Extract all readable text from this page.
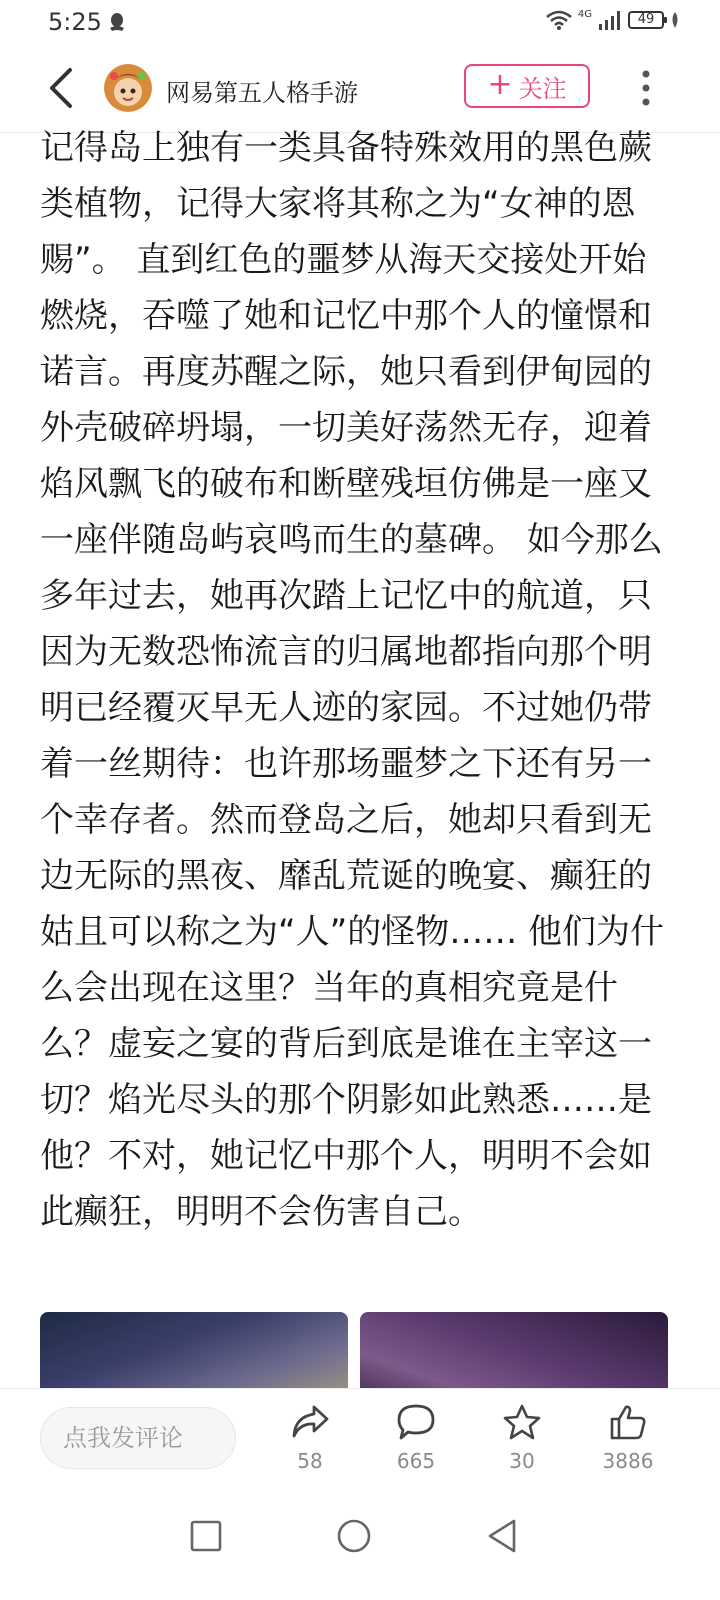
5:25	4G	49
网易第五人格手游	+ 关注
记得岛上独有一类具备特殊效用的黑色蕨类植物，记得大家将其称之为“女神的恩赐”。 直到红色的噩梦从海天交接处开始燃烧，吞噬了她和记忆中那个人的憧憬和诺言。再度苏醒之际，她只看到伊甸园的外壳破碎坍塌，一切美好荡然无存，迎着焰风飘飞的破布和断壁残垣仿佛是一座又一座伴随岛屿哀鸣而生的墓碑。 如今那么多年过去，她再次踏上记忆中的航道，只因为无数恐怖流言的归属地都指向那个明明已经覆灭早无人迹的家园。不过她仍带着一丝期待：也许那场噩梦之下还有另一个幸存者。然而登岛之后，她却只看到无边无际的黑夜、靡乱荒诞的晚宴、癫狂的姑且可以称之为“人”的怪物…… 他们为什么会出现在这里？当年的真相究竟是什么？虚妄之宴的背后到底是谁在主宰这一切？焰光尽头的那个阴影如此熟悉……是他？不对，她记忆中那个人，明明不会如此癫狂，明明不会伤害自己。
点我发评论
58	665	30	3886
